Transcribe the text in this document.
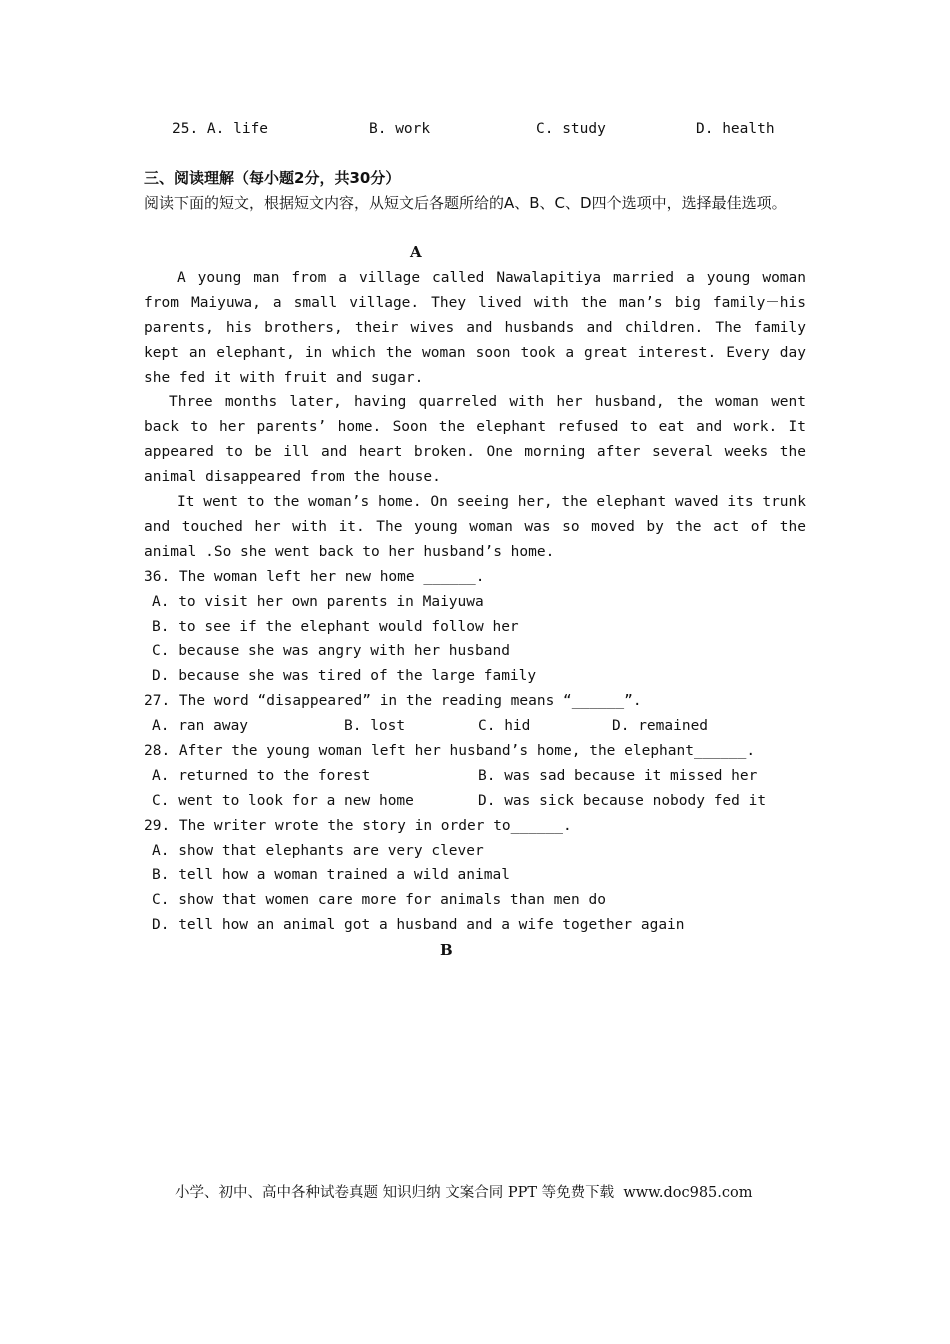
25. A. life	B. work	C. study	D. health
三、阅读理解（每小题2分，共30分）
阅读下面的短文，根据短文内容，从短文后各题所给的A、B、C、D四个选项中，选择最佳选项。
A
A young man from a village called Nawalapitiya married a young woman from Maiyuwa, a small village. They lived with the man’s big family－his parents, his brothers, their wives and husbands and children. The family kept an elephant, in which the woman soon took a great interest. Every day she fed it with fruit and sugar.
Three months later, having quarreled with her husband, the woman went back to her parents’ home. Soon the elephant refused to eat and work. It appeared to be ill and heart broken. One morning after several weeks the animal disappeared from the house.
It went to the woman’s home. On seeing her, the elephant waved its trunk and touched her with it. The young woman was so moved by the act of the animal .So she went back to her husband’s home.
36. The woman left her new home ______.
A. to visit her own parents in Maiyuwa
B. to see if the elephant would follow her
C. because she was angry with her husband
D. because she was tired of the large family
27. The word “disappeared” in the reading means “______”.
A. ran away	B. lost	C. hid	D. remained
28. After the young woman left her husband’s home, the elephant______.
A. returned to the forest	B. was sad because it missed her
C. went to look for a new home	D. was sick because nobody fed it
29. The writer wrote the story in order to______.
A. show that elephants are very clever
B. tell how a woman trained a wild animal
C. show that women care more for animals than men do
D. tell how an animal got a husband and a wife together again
B
小学、初中、高中各种试卷真题 知识归纳 文案合同 PPT 等免费下载  www.doc985.com
